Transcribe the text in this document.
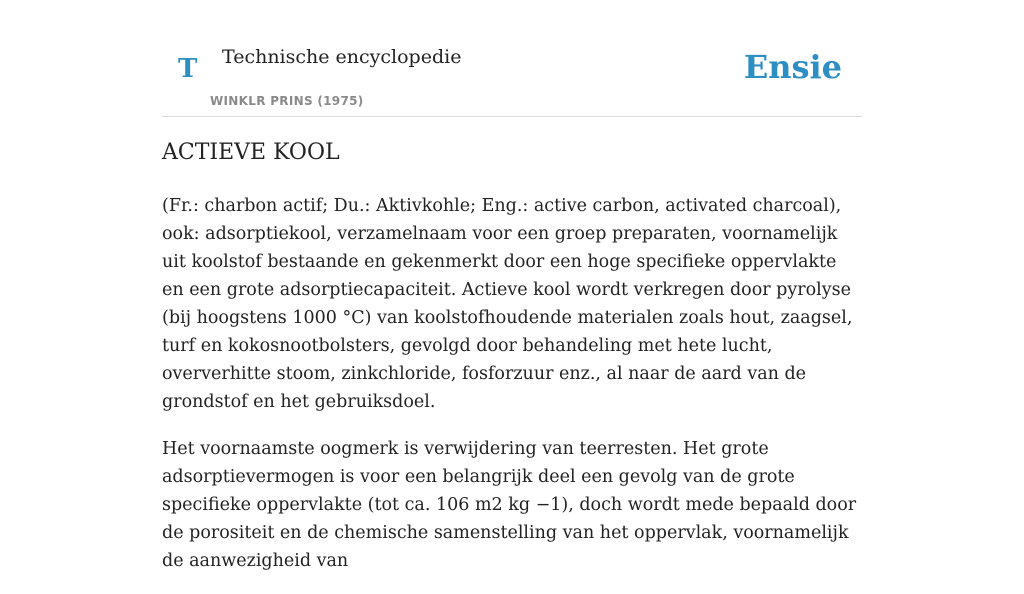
T Technische encyclopedie
WINKLR PRINS (1975)
Ensie
ACTIEVE KOOL

(Fr.: charbon actif; Du.: Aktivkohle; Eng.: active carbon, activated charcoal), ook: adsorptiekool, verzamelnaam voor een groep preparaten, voornamelijk uit koolstof bestaande en gekenmerkt door een hoge specifieke oppervlakte en een grote adsorptiecapaciteit. Actieve kool wordt verkregen door pyrolyse (bij hoogstens 1000 °C) van koolstofhoudende materialen zoals hout, zaagsel, turf en kokosnootbolsters, gevolgd door behandeling met hete lucht, oververhitte stoom, zinkchloride, fosforzuur enz., al naar de aard van de grondstof en het gebruiksdoel.

Het voornaamste oogmerk is verwijdering van teerresten. Het grote adsorptievermogen is voor een belangrijk deel een gevolg van de grote specifieke oppervlakte (tot ca. 106 m2 kg −1), doch wordt mede bepaald door de porositeit en de chemische samenstelling van het oppervlak, voornamelijk de aanwezigheid van
